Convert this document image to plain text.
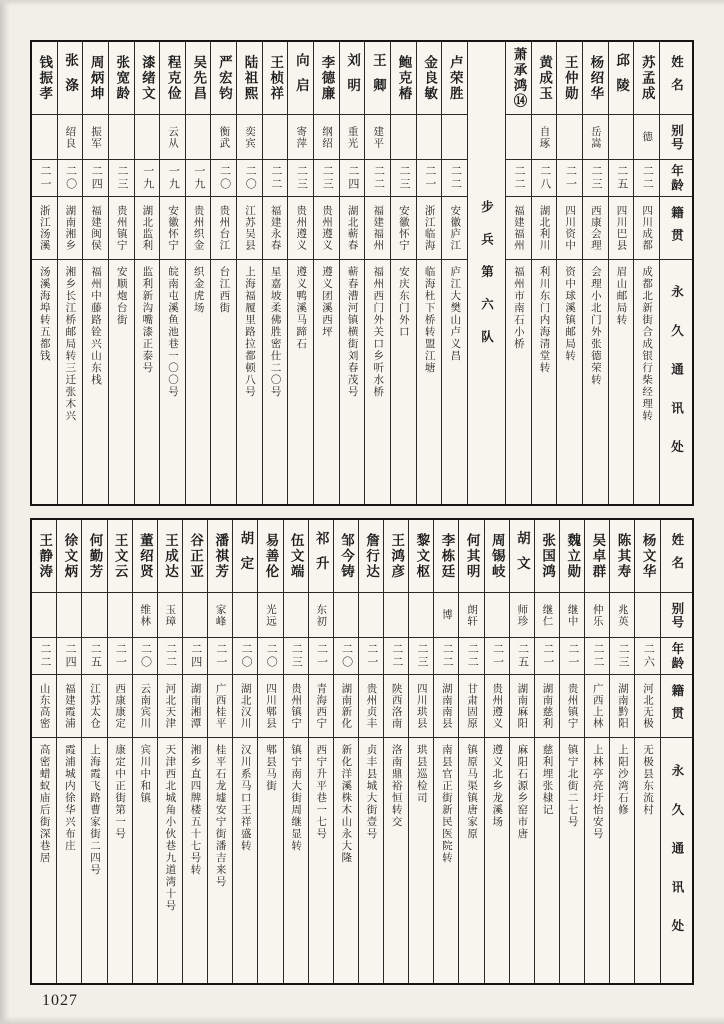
姓名
别号
年龄
籍贯
永久通讯处
苏孟成
德
二二
四川成都
成都北新街合成银行柴经理转
邱陵
二五
四川巴县
眉山邮局转
杨绍华
岳嵩
二三
西康会理
会理小北门外张德荣转
王仲勋
二一
四川资中
资中球溪镇邮局转
黄成玉
自琢
二八
湖北利川
利川东门内海清堂转
萧承鸿⑭
二二
福建福州
福州市南石小桥
步兵第六队
卢荣胜
二二
安徽庐江
庐江大樊山卢义昌
金良敏
二一
浙江临海
临海杜下桥转盟江塘
鲍克椿
二三
安徽怀宁
安庆东门外口
王卿
建平
二二
福建福州
福州西门外关口乡听水桥
刘明
重光
二四
湖北蕲春
蕲春漕河镇横街刘春茂号
李德廉
纲绍
二三
贵州遵义
遵义团溪西坪
向启
寄萍
二三
贵州遵义
遵义鸭溪马蹄石
王桢祥
二二
福建永春
星嘉坡柔佛胜密仕二〇号
陆祖熙
奕宾
二〇
江苏吴县
上海福履里路拉都顿八号
严宏钧
衡武
二〇
贵州台江
台江西街
吴先昌
一九
贵州织金
织金虎场
程克俭
云从
一九
安徽怀宁
皖南屯溪鱼池巷一〇〇号
漆绪文
一九
湖北监利
监利新沟嘴漆正泰号
张宽龄
二三
贵州镇宁
安顺炮台街
周炳坤
振军
二四
福建闽侯
福州中藤路铨兴山东栈
张涤
绍良
二〇
湖南湘乡
湘乡长江桥邮局转三迁张木兴
钱振孝
二一
浙江汤溪
汤溪海埠转五都钱
姓名
别号
年龄
籍贯
永久通讯处
杨文华
二六
河北无极
无极县东流村
陈其寿
兆英
二三
湖南黔阳
上阳沙湾石修
吴卓群
仲乐
二二
广西上林
上林亭亮圩怡安号
魏立勋
继中
二一
贵州镇宁
镇宁北街二七号
张国鸿
继仁
二一
湖南慈利
慈利埋张棣记
胡文
师珍
二五
湖南麻阳
麻阳石源乡窑市唐
周锡岐
二一
贵州遵义
遵义北乡龙溪场
何其明
朗轩
二二
甘肃固原
镇原马渠镇唐家原
李栋廷
博
二二
湖南南县
南县官正街新民医院转
黎文枢
二三
四川珙县
珙县巡检司
王鸿彦
二二
陕西洛南
洛南鼎裕恒转交
詹行达
二一
贵州贞丰
贞丰县城大街壹号
邹今铸
二〇
湖南新化
新化洋溪株木山永大隆
祁升
东初
二一
青海西宁
西宁升平巷一七号
伍文端
二三
贵州镇宁
镇宁南大街周继显转
易善伦
光远
二〇
四川郫县
郫县马街
胡定
二〇
湖北汉川
汉川系马口王祥盛转
潘祺芳
家峰
二一
广西桂平
桂平石龙墟安宁街潘吉来号
谷正亚
二四
湖南湘潭
湘乡直四牌楼五十七号转
王成达
玉璋
二二
河北天津
天津西北城角小伙巷九道湾十号
董绍贤
维林
二〇
云南宾川
宾川中和镇
王文云
二一
西康康定
康定中正街第一号
何勤芳
二五
江苏太仓
上海霞飞路曹家街二四号
徐文炳
二四
福建霞浦
霞浦城内徐华兴布庄
王静涛
二二
山东高密
高密蜡蚁庙后街深巷居
1027
